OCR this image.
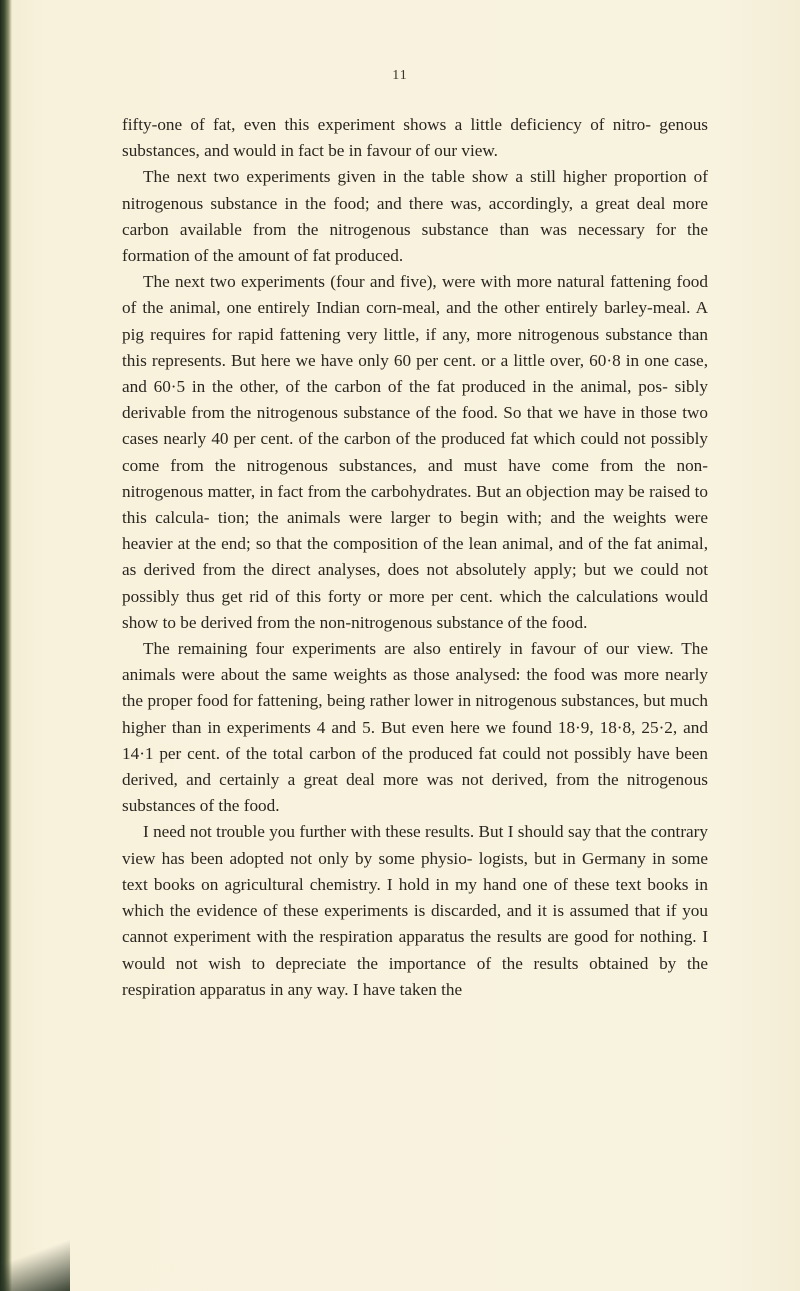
11

fifty-one of fat, even this experiment shows a little deficiency of nitro- genous substances, and would in fact be in favour of our view.

The next two experiments given in the table show a still higher proportion of nitrogenous substance in the food; and there was, accordingly, a great deal more carbon available from the nitrogenous substance than was necessary for the formation of the amount of fat produced.

The next two experiments (four and five), were with more natural fattening food of the animal, one entirely Indian corn-meal, and the other entirely barley-meal. A pig requires for rapid fattening very little, if any, more nitrogenous substance than this represents. But here we have only 60 per cent. or a little over, 60·8 in one case, and 60·5 in the other, of the carbon of the fat produced in the animal, pos- sibly derivable from the nitrogenous substance of the food. So that we have in those two cases nearly 40 per cent. of the carbon of the produced fat which could not possibly come from the nitrogenous substances, and must have come from the non-nitrogenous matter, in fact from the carbohydrates. But an objection may be raised to this calcula- tion; the animals were larger to begin with; and the weights were heavier at the end; so that the composition of the lean animal, and of the fat animal, as derived from the direct analyses, does not absolutely apply; but we could not possibly thus get rid of this forty or more per cent. which the calculations would show to be derived from the non-nitrogenous substance of the food.

The remaining four experiments are also entirely in favour of our view. The animals were about the same weights as those analysed: the food was more nearly the proper food for fattening, being rather lower in nitrogenous substances, but much higher than in experiments 4 and 5. But even here we found 18·9, 18·8, 25·2, and 14·1 per cent. of the total carbon of the produced fat could not possibly have been derived, and certainly a great deal more was not derived, from the nitrogenous substances of the food.

I need not trouble you further with these results. But I should say that the contrary view has been adopted not only by some physio- logists, but in Germany in some text books on agricultural chemistry. I hold in my hand one of these text books in which the evidence of these experiments is discarded, and it is assumed that if you cannot experiment with the respiration apparatus the results are good for nothing. I would not wish to depreciate the importance of the results obtained by the respiration apparatus in any way. I have taken the
